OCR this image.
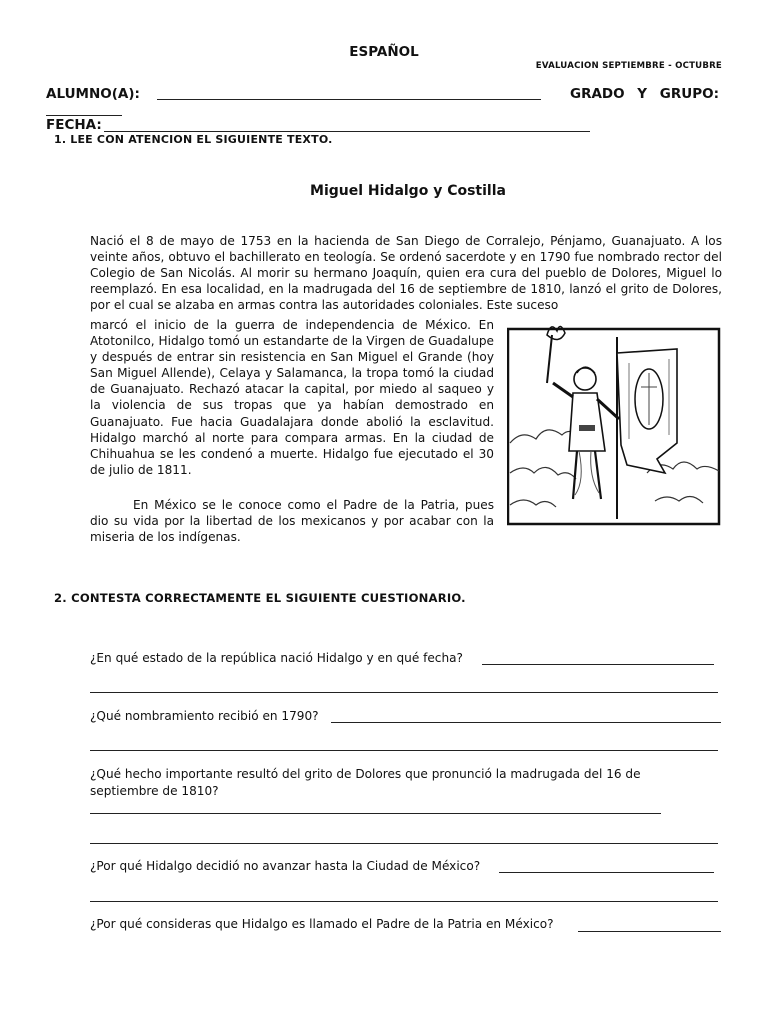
ESPAÑOL
EVALUACION SEPTIEMBRE - OCTUBRE
ALUMNO(A):	GRADO Y GRUPO:
FECHA:
1. LEE CON ATENCION EL SIGUIENTE TEXTO.
Miguel Hidalgo y Costilla

Nació el 8 de mayo de 1753 en la hacienda de San Diego de Corralejo, Pénjamo, Guanajuato. A los veinte años, obtuvo el bachillerato en teología. Se ordenó sacerdote y en 1790 fue nombrado rector del Colegio de San Nicolás. Al morir su hermano Joaquín, quien era cura del pueblo de Dolores, Miguel lo reemplazó. En esa localidad, en la madrugada del 16 de septiembre de 1810, lanzó el grito de Dolores, por el cual se alzaba en armas contra las autoridades coloniales. Este suceso

marcó el inicio de la guerra de independencia de México. En Atotonilco, Hidalgo tomó un estandarte de la Virgen de Guadalupe y después de entrar sin resistencia en San Miguel el Grande (hoy San Miguel Allende), Celaya y Salamanca, la tropa tomó la ciudad de Guanajuato. Rechazó atacar la capital, por miedo al saqueo y la violencia de sus tropas que ya habían demostrado en Guanajuato. Fue hacia Guadalajara donde abolió la esclavitud. Hidalgo marchó al norte para compara armas. En la ciudad de Chihuahua se les condenó a muerte. Hidalgo fue ejecutado el 30 de julio de 1811.

En México se le conoce como el Padre de la Patria, pues dio su vida por la libertad de los mexicanos y por acabar con la miseria de los indígenas.

2. CONTESTA CORRECTAMENTE EL SIGUIENTE CUESTIONARIO.
¿En qué estado de la república nació Hidalgo y en qué fecha?
¿Qué nombramiento recibió en 1790?
¿Qué hecho importante resultó del grito de Dolores que pronunció la madrugada del 16 de septiembre de 1810?
¿Por qué Hidalgo decidió no avanzar hasta la Ciudad de México?
¿Por qué consideras que Hidalgo es llamado el Padre de la Patria en México?
